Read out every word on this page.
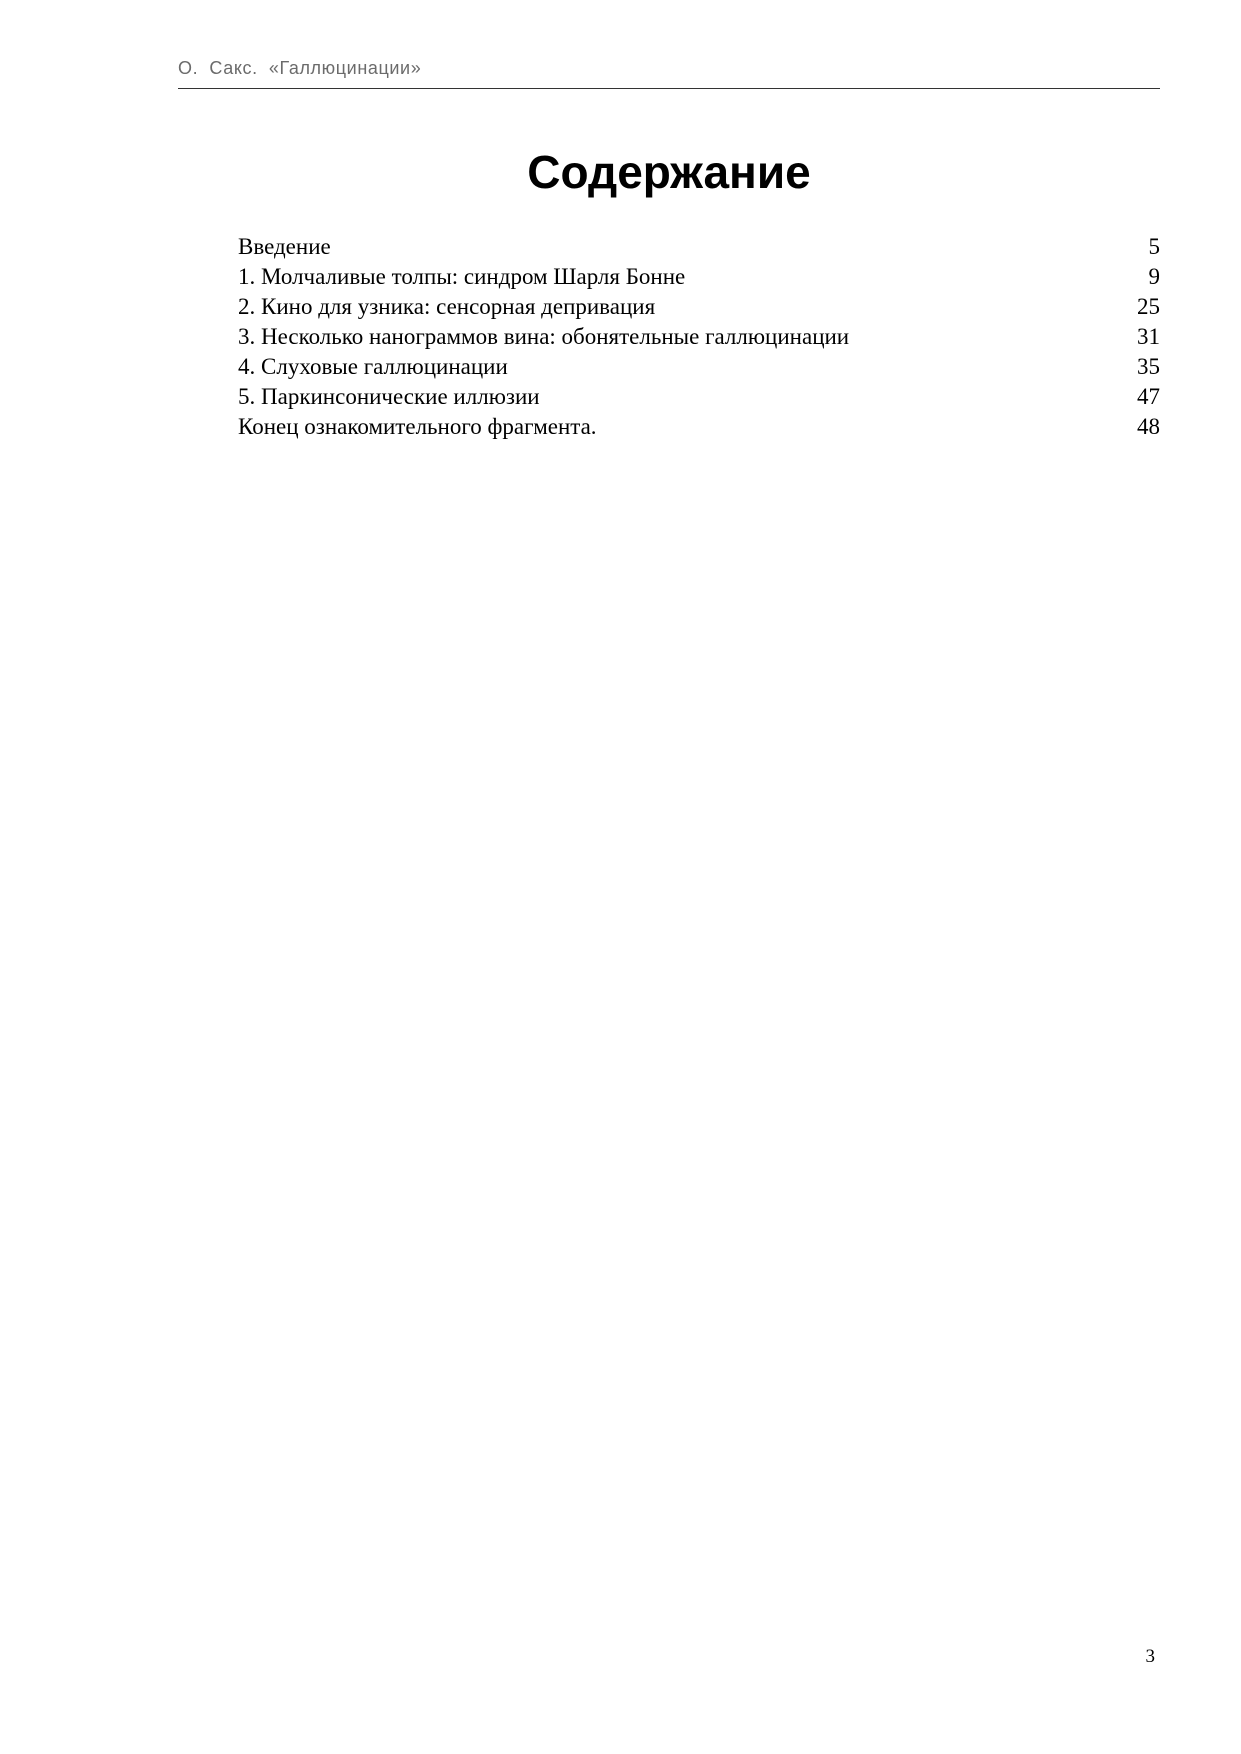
О.  Сакс.  «Галлюцинации»
Содержание
Введение	5
1. Молчаливые толпы: синдром Шарля Бонне	9
2. Кино для узника: сенсорная депривация	25
3. Несколько нанограммов вина: обонятельные галлюцинации	31
4. Слуховые галлюцинации	35
5. Паркинсонические иллюзии	47
Конец ознакомительного фрагмента.	48
3
